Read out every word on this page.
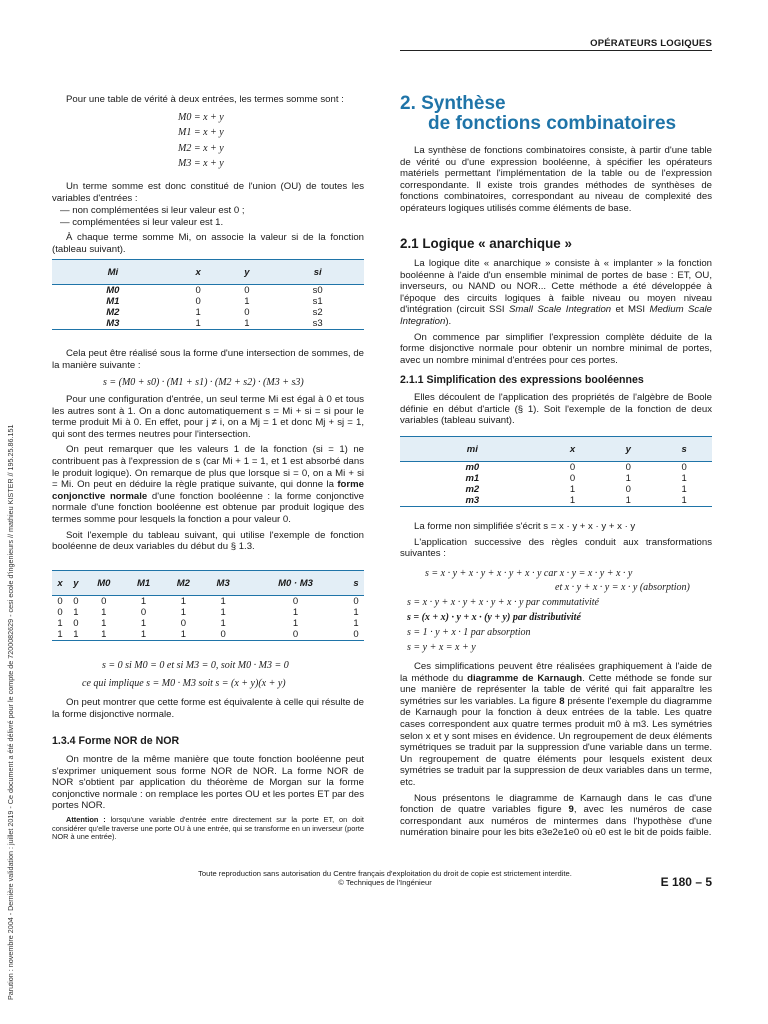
OPÉRATEURS LOGIQUES
Parution : novembre 2004 - Dernière validation : juillet 2019 - Ce document a été délivré pour le compte de 7200082629 - cesi ecole d'ingenieurs // mathieu KISTER // 195.25.86.151

Pour une table de vérité à deux entrées, les termes somme sont :

M0 = x + y
M1 = x + y
M2 = x + y
M3 = x + y

Un terme somme est donc constitué de l'union (OU) de toutes les variables d'entrées :

— non complémentées si leur valeur est 0 ;

— complémentées si leur valeur est 1.

À chaque terme somme Mi, on associe la valeur si de la fonction (tableau suivant).

Mi	x	y	si
M0	0	0	s0
M1	0	1	s1
M2	1	0	s2
M3	1	1	s3

Cela peut être réalisé sous la forme d'une intersection de sommes, de la manière suivante :

s = (M0 + s0) · (M1 + s1) · (M2 + s2) · (M3 + s3)

Pour une configuration d'entrée, un seul terme Mi est égal à 0 et tous les autres sont à 1. On a donc automatiquement s = Mi + si = si pour le terme produit Mi à 0. En effet, pour j ≠ i, on a Mj = 1 et donc Mj + sj = 1, qui sont des termes neutres pour l'intersection.

On peut remarquer que les valeurs 1 de la fonction (si = 1) ne contribuent pas à l'expression de s (car Mi + 1 = 1, et 1 est absorbé dans le produit logique). On remarque de plus que lorsque si = 0, on a Mi + si = Mi. On peut en déduire la règle pratique suivante, qui donne la forme conjonctive normale d'une fonction booléenne : la forme conjonctive normale d'une fonction booléenne est obtenue par produit logique des termes somme pour lesquels la fonction a pour valeur 0.

Soit l'exemple du tableau suivant, qui utilise l'exemple de fonction booléenne de deux variables du début du § 1.3.

x	y	M0	M1	M2	M3	M0 · M3	s
0	0	0	1	1	1	0	0
0	1	1	0	1	1	1	1
1	0	1	1	0	1	1	1
1	1	1	1	1	0	0	0
s = 0 si M0 = 0 et si M3 = 0, soit M0 · M3 = 0
ce qui implique s = M0 · M3 soit s = (x + y)(x + y)

On peut montrer que cette forme est équivalente à celle qui résulte de la forme disjonctive normale.

1.3.4 Forme NOR de NOR

On montre de la même manière que toute fonction booléenne peut s'exprimer uniquement sous forme NOR de NOR. La forme NOR de NOR s'obtient par application du théorème de Morgan sur la forme conjonctive normale : on remplace les portes OU et les portes ET par des portes NOR.

Attention : lorsqu'une variable d'entrée entre directement sur la porte ET, on doit considérer qu'elle traverse une porte OU à une entrée, qui se transforme en un inverseur (porte NOR à une entrée).

2. Synthèse
de fonctions combinatoires

La synthèse de fonctions combinatoires consiste, à partir d'une table de vérité ou d'une expression booléenne, à spécifier les opérateurs matériels permettant l'implémentation de la table ou de l'expression correspondante. Il existe trois grandes méthodes de synthèses de fonctions combinatoires, correspondant au niveau de complexité des opérateurs logiques utilisés comme éléments de base.

2.1 Logique « anarchique »

La logique dite « anarchique » consiste à « implanter » la fonction booléenne à l'aide d'un ensemble minimal de portes de base : ET, OU, inverseurs, ou NAND ou NOR... Cette méthode a été développée à l'époque des circuits logiques à faible niveau ou moyen niveau d'intégration (circuit SSI Small Scale Integration et MSI Medium Scale Integration).

On commence par simplifier l'expression complète déduite de la forme disjonctive normale pour obtenir un nombre minimal de portes, avec un nombre minimal d'entrées pour ces portes.

2.1.1 Simplification des expressions booléennes

Elles découlent de l'application des propriétés de l'algèbre de Boole définie en début d'article (§ 1). Soit l'exemple de la fonction de deux variables (tableau suivant).

mi	x	y	s
m0	0	0	0
m1	0	1	1
m2	1	0	1
m3	1	1	1

La forme non simplifiée s'écrit s = x · y + x · y + x · y

L'application successive des règles conduit aux transformations suivantes :

s = x · y + x · y + x · y + x · y car x · y = x · y + x · y
et x · y + x · y = x · y (absorption)
s = x · y + x · y + x · y + x · y par commutativité
s = (x + x) · y + x · (y + y) par distributivité
s = 1 · y + x · 1 par absorption
s = y + x = x + y

Ces simplifications peuvent être réalisées graphiquement à l'aide de la méthode du diagramme de Karnaugh. Cette méthode se fonde sur une manière de représenter la table de vérité qui fait apparaître les symétries sur les variables. La figure 8 présente l'exemple du diagramme de Karnaugh pour la fonction à deux entrées de la table. Les quatre cases correspondent aux quatre termes produit m0 à m3. Les symétries selon x et y sont mises en évidence. Un regroupement de deux éléments symétriques se traduit par la suppression d'une variable dans un terme. Un regroupement de quatre éléments pour lesquels existent deux symétries se traduit par la suppression de deux variables dans un terme, etc.

Nous présentons le diagramme de Karnaugh dans le cas d'une fonction de quatre variables figure 9, avec les numéros de case correspondant aux numéros de mintermes dans l'hypothèse d'une numération binaire pour les bits e3e2e1e0 où e0 est le bit de poids faible.

Toute reproduction sans autorisation du Centre français d'exploitation du droit de copie est strictement interdite.
© Techniques de l'Ingénieur	E 180 – 5
